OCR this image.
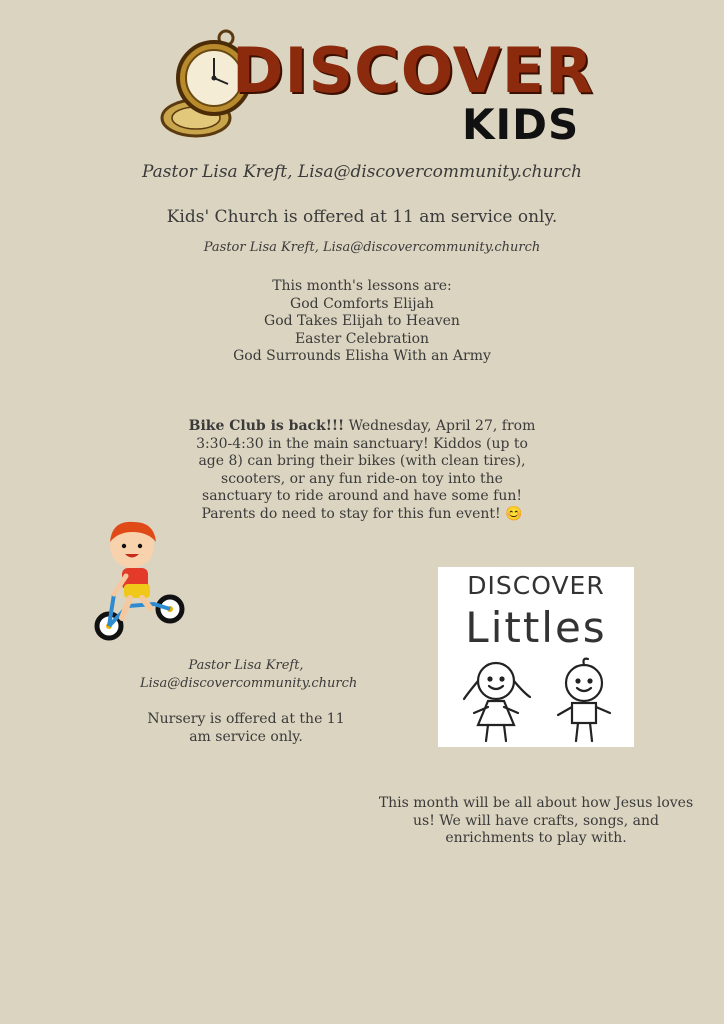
DISCOVER
KIDS
Pastor Lisa Kreft, Lisa@discovercommunity.church
Kids' Church is offered at 11 am service only.
Pastor Lisa Kreft, Lisa@discovercommunity.church
This month's lessons are:
God Comforts Elijah
God Takes Elijah to Heaven
Easter Celebration
God Surrounds Elisha With an Army
Bike Club is back!!! Wednesday, April 27, from 3:30-4:30 in the main sanctuary! Kiddos (up to age 8) can bring their bikes (with clean tires), scooters, or any fun ride-on toy into the sanctuary to ride around and have some fun! Parents do need to stay for this fun event! 😊
Pastor Lisa Kreft,
Lisa@discovercommunity.church
Nursery is offered at the 11 am service only.
DISCOVER
Littles
This month will be all about how Jesus loves us! We will have crafts, songs, and enrichments to play with.
